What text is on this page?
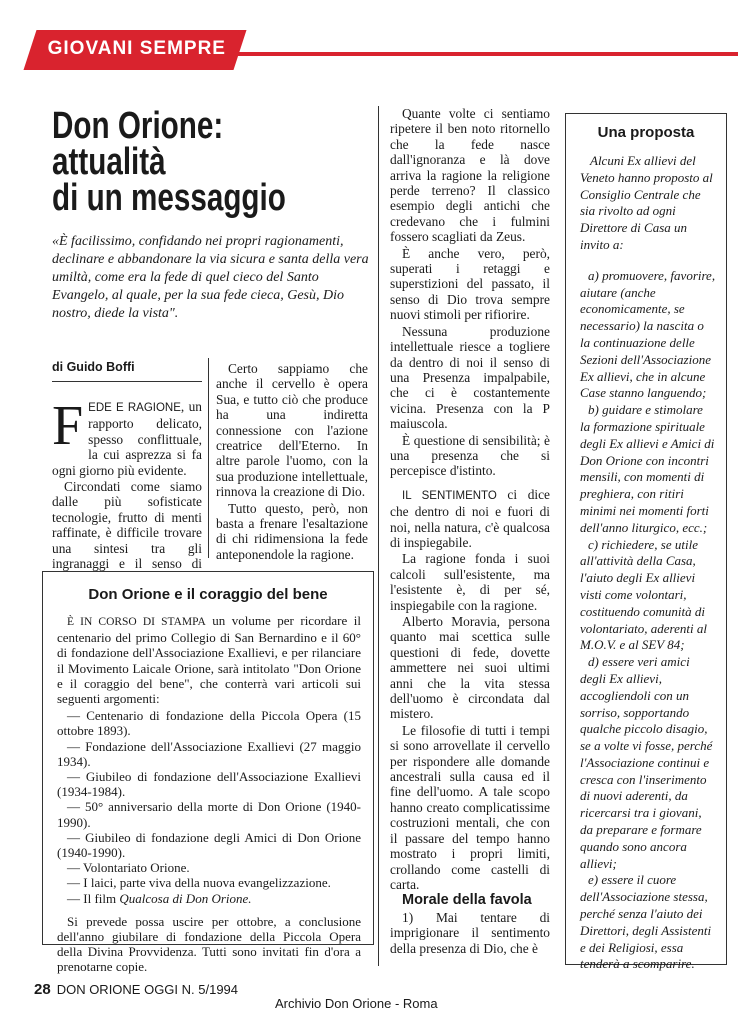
GIOVANI SEMPRE
Don Orione:
attualità
di un messaggio
«È facilissimo, confidando nei propri ragionamenti, declinare e abbandonare la via sicura e santa della vera umiltà, come era la fede di quel cieco del Santo Evangelo, al quale, per la sua fede cieca, Gesù, Dio nostro, diede la vista".
di Guido Boffi

FEDE E RAGIONE, un rapporto delicato, spesso conflittuale, la cui asprezza si fa ogni giorno più evidente.

Circondati come siamo dalle più sofisticate tecnologie, frutto di menti raffinate, è difficile trovare una sintesi tra gli ingranaggi e il senso di

Certo sappiamo che anche il cervello è opera Sua, e tutto ciò che produce ha una indiretta connessione con l'azione creatrice dell'Eterno. In altre parole l'uomo, con la sua produzione intellettuale, rinnova la creazione di Dio.

Tutto questo, però, non basta a frenare l'esaltazione di chi ridimensiona la fede anteponendole la ragione.

Quante volte ci sentiamo ripetere il ben noto ritornello che la fede nasce dall'ignoranza e là dove arriva la ragione la religione perde terreno? Il classico esempio degli antichi che credevano che i fulmini fossero scagliati da Zeus.

È anche vero, però, superati i retaggi e superstizioni del passato, il senso di Dio trova sempre nuovi stimoli per rifiorire.

Nessuna produzione intellettuale riesce a togliere da dentro di noi il senso di una Presenza impalpabile, che ci è costantemente vicina. Presenza con la P maiuscola.

È questione di sensibilità; è una presenza che si percepisce d'istinto.

IL SENTIMENTO ci dice che dentro di noi e fuori di noi, nella natura, c'è qualcosa di inspiegabile.

La ragione fonda i suoi calcoli sull'esistente, ma l'esistente è, di per sé, inspiegabile con la ragione.

Alberto Moravia, persona quanto mai scettica sulle questioni di fede, dovette ammettere nei suoi ultimi anni che la vita stessa dell'uomo è circondata dal mistero.

Le filosofie di tutti i tempi si sono arrovellate il cervello per rispondere alle domande ancestrali sulla causa ed il fine dell'uomo. A tale scopo hanno creato complicatissime costruzioni mentali, che con il passare del tempo hanno mostrato i propri limiti, crollando come castelli di carta.

Morale della favola

1) Mai tentare di imprigionare il sentimento della presenza di Dio, che è

Don Orione e il coraggio del bene

È IN CORSO DI STAMPA un volume per ricordare il centenario del primo Collegio di San Bernardino e il 60° di fondazione dell'Associazione Exallievi, e per rilanciare il Movimento Laicale Orione, sarà intitolato "Don Orione e il coraggio del bene", che conterrà vari articoli sui seguenti argomenti:

— Centenario di fondazione della Piccola Opera (15 ottobre 1893).
— Fondazione dell'Associazione Exallievi (27 maggio 1934).
— Giubileo di fondazione dell'Associazione Exallievi (1934-1984).
— 50° anniversario della morte di Don Orione (1940-1990).
— Giubileo di fondazione degli Amici di Don Orione (1940-1990).
— Volontariato Orione.
— I laici, parte viva della nuova evangelizzazione.
— Il film Qualcosa di Don Orione.

Si prevede possa uscire per ottobre, a conclusione dell'anno giubilare di fondazione della Piccola Opera della Divina Provvidenza. Tutti sono invitati fin d'ora a prenotarne copie.

Una proposta

Alcuni Ex allievi del Veneto hanno proposto al Consiglio Centrale che sia rivolto ad ogni Direttore di Casa un invito a:

a) promuovere, favorire, aiutare (anche economicamente, se necessario) la nascita o la continuazione delle Sezioni dell'Associazione Ex allievi, che in alcune Case stanno languendo;
b) guidare e stimolare la formazione spirituale degli Ex allievi e Amici di Don Orione con incontri mensili, con momenti di preghiera, con ritiri minimi nei momenti forti dell'anno liturgico, ecc.;
c) richiedere, se utile all'attività della Casa, l'aiuto degli Ex allievi visti come volontari, costituendo comunità di volontariato, aderenti al M.O.V. e al SEV 84;
d) essere veri amici degli Ex allievi, accogliendoli con un sorriso, sopportando qualche piccolo disagio, se a volte vi fosse, perché l'Associazione continui e cresca con l'inserimento di nuovi aderenti, da ricercarsi tra i giovani, da preparare e formare quando sono ancora allievi;
e) essere il cuore dell'Associazione stessa, perché senza l'aiuto dei Direttori, degli Assistenti e dei Religiosi, essa tenderà a scomparire.
28 DON ORIONE OGGI N. 5/1994
Archivio Don Orione - Roma
